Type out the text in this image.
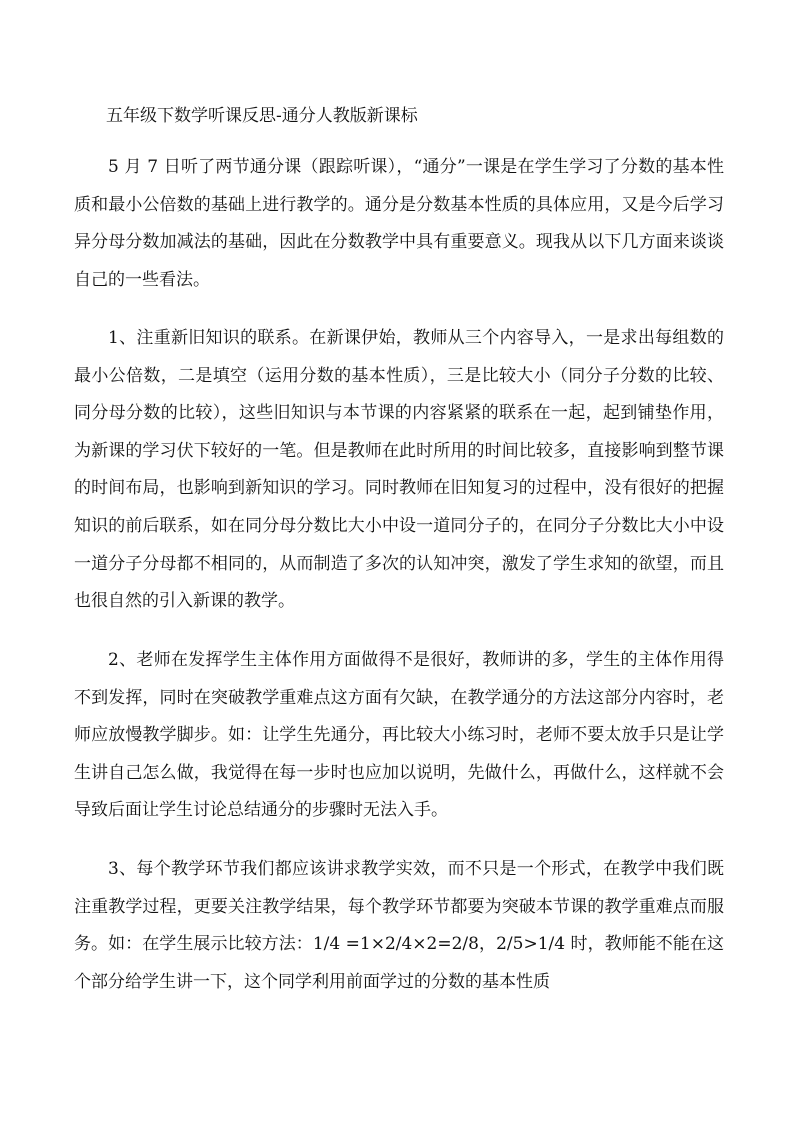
五年级下数学听课反思-通分人教版新课标

5 月 7 日听了两节通分课（跟踪听课），“通分”一课是在学生学习了分数的基本性质和最小公倍数的基础上进行教学的。通分是分数基本性质的具体应用，又是今后学习异分母分数加减法的基础，因此在分数教学中具有重要意义。现我从以下几方面来谈谈自己的一些看法。

1、注重新旧知识的联系。在新课伊始，教师从三个内容导入，一是求出每组数的最小公倍数，二是填空（运用分数的基本性质），三是比较大小（同分子分数的比较、同分母分数的比较），这些旧知识与本节课的内容紧紧的联系在一起，起到铺垫作用，为新课的学习伏下较好的一笔。但是教师在此时所用的时间比较多，直接影响到整节课的时间布局，也影响到新知识的学习。同时教师在旧知复习的过程中，没有很好的把握知识的前后联系，如在同分母分数比大小中设一道同分子的，在同分子分数比大小中设一道分子分母都不相同的，从而制造了多次的认知冲突，激发了学生求知的欲望，而且也很自然的引入新课的教学。

2、老师在发挥学生主体作用方面做得不是很好，教师讲的多，学生的主体作用得不到发挥，同时在突破教学重难点这方面有欠缺，在教学通分的方法这部分内容时，老师应放慢教学脚步。如：让学生先通分，再比较大小练习时，老师不要太放手只是让学生讲自己怎么做，我觉得在每一步时也应加以说明，先做什么，再做什么，这样就不会导致后面让学生讨论总结通分的步骤时无法入手。

3、每个教学环节我们都应该讲求教学实效，而不只是一个形式，在教学中我们既注重教学过程，更要关注教学结果，每个教学环节都要为突破本节课的教学重难点而服务。如：在学生展示比较方法：1/4 =1×2/4×2=2/8，2/5>1/4 时，教师能不能在这个部分给学生讲一下，这个同学利用前面学过的分数的基本性质
